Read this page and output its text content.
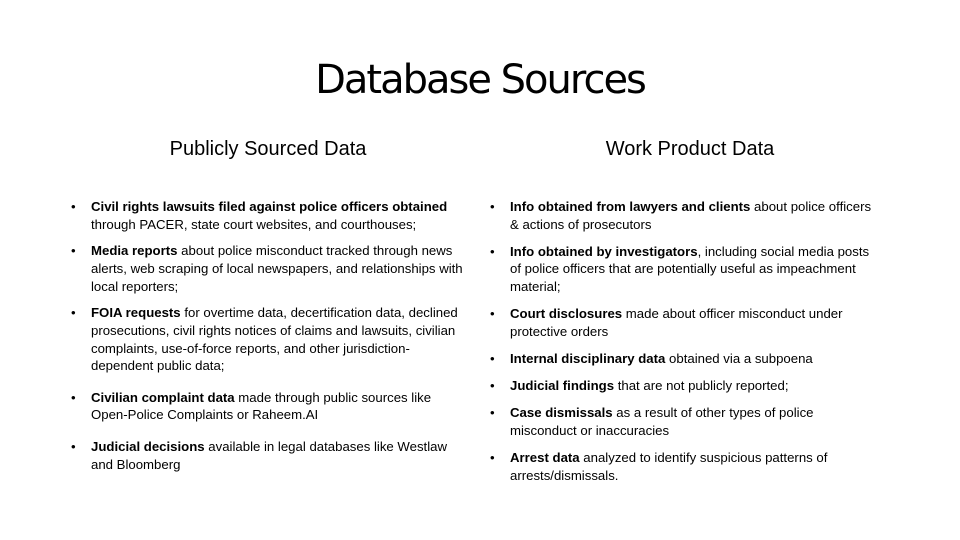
Database Sources
Publicly Sourced Data	Work Product Data

• Civil rights lawsuits filed against police officers obtained through PACER, state court websites, and courthouses;

• Media reports about police misconduct tracked through news alerts, web scraping of local newspapers, and relationships with local reporters;

• FOIA requests for overtime data, decertification data, declined prosecutions, civil rights notices of claims and lawsuits, civilian complaints, use-of-force reports, and other jurisdiction-dependent public data;

• Civilian complaint data made through public sources like Open-Police Complaints or Raheem.AI

• Judicial decisions available in legal databases like Westlaw and Bloomberg

• Info obtained from lawyers and clients about police officers & actions of prosecutors

• Info obtained by investigators, including social media posts of police officers that are potentially useful as impeachment material;

• Court disclosures made about officer misconduct under protective orders

• Internal disciplinary data obtained via a subpoena

• Judicial findings that are not publicly reported;

• Case dismissals as a result of other types of police misconduct or inaccuracies

• Arrest data analyzed to identify suspicious patterns of arrests/dismissals.
